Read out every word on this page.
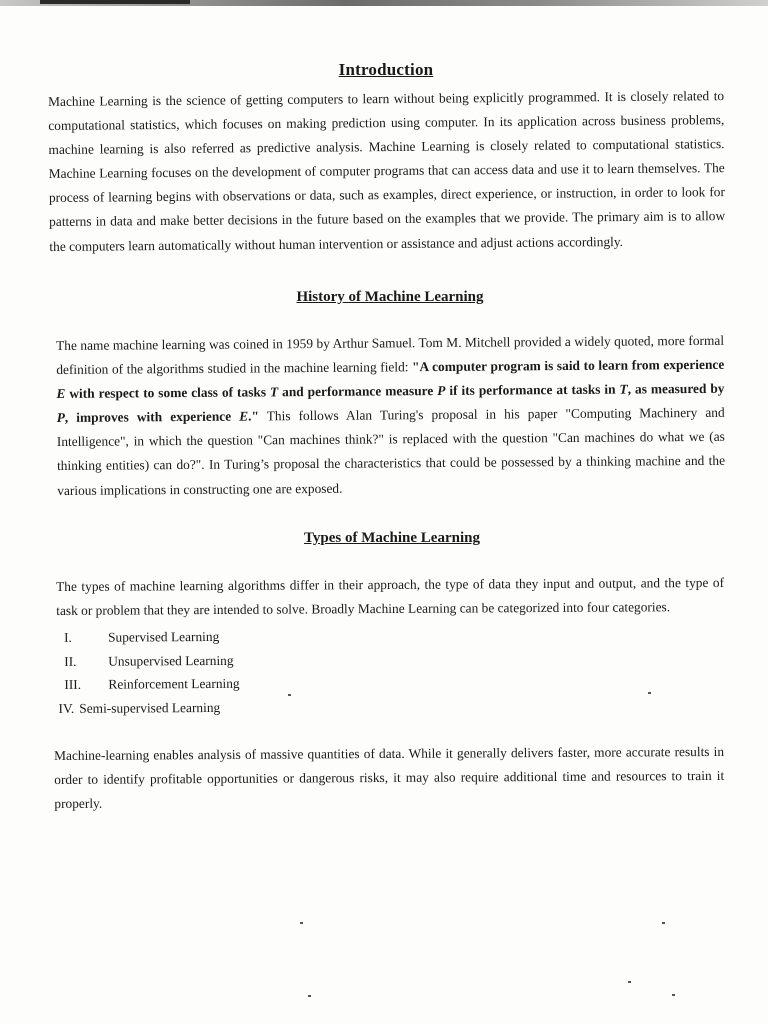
Introduction

Machine Learning is the science of getting computers to learn without being explicitly programmed. It is closely related to computational statistics, which focuses on making prediction using computer. In its application across business problems, machine learning is also referred as predictive analysis. Machine Learning is closely related to computational statistics. Machine Learning focuses on the development of computer programs that can access data and use it to learn themselves. The process of learning begins with observations or data, such as examples, direct experience, or instruction, in order to look for patterns in data and make better decisions in the future based on the examples that we provide. The primary aim is to allow the computers learn automatically without human intervention or assistance and adjust actions accordingly.

History of Machine Learning

The name machine learning was coined in 1959 by Arthur Samuel. Tom M. Mitchell provided a widely quoted, more formal definition of the algorithms studied in the machine learning field: "A computer program is said to learn from experience E with respect to some class of tasks T and performance measure P if its performance at tasks in T, as measured by P, improves with experience E." This follows Alan Turing's proposal in his paper "Computing Machinery and Intelligence", in which the question "Can machines think?" is replaced with the question "Can machines do what we (as thinking entities) can do?". In Turing’s proposal the characteristics that could be possessed by a thinking machine and the various implications in constructing one are exposed.

Types of Machine Learning

The types of machine learning algorithms differ in their approach, the type of data they input and output, and the type of task or problem that they are intended to solve. Broadly Machine Learning can be categorized into four categories.

I.	Supervised Learning
II.	Unsupervised Learning
III.	Reinforcement Learning
IV. Semi-supervised Learning

Machine-learning enables analysis of massive quantities of data. While it generally delivers faster, more accurate results in order to identify profitable opportunities or dangerous risks, it may also require additional time and resources to train it properly.
